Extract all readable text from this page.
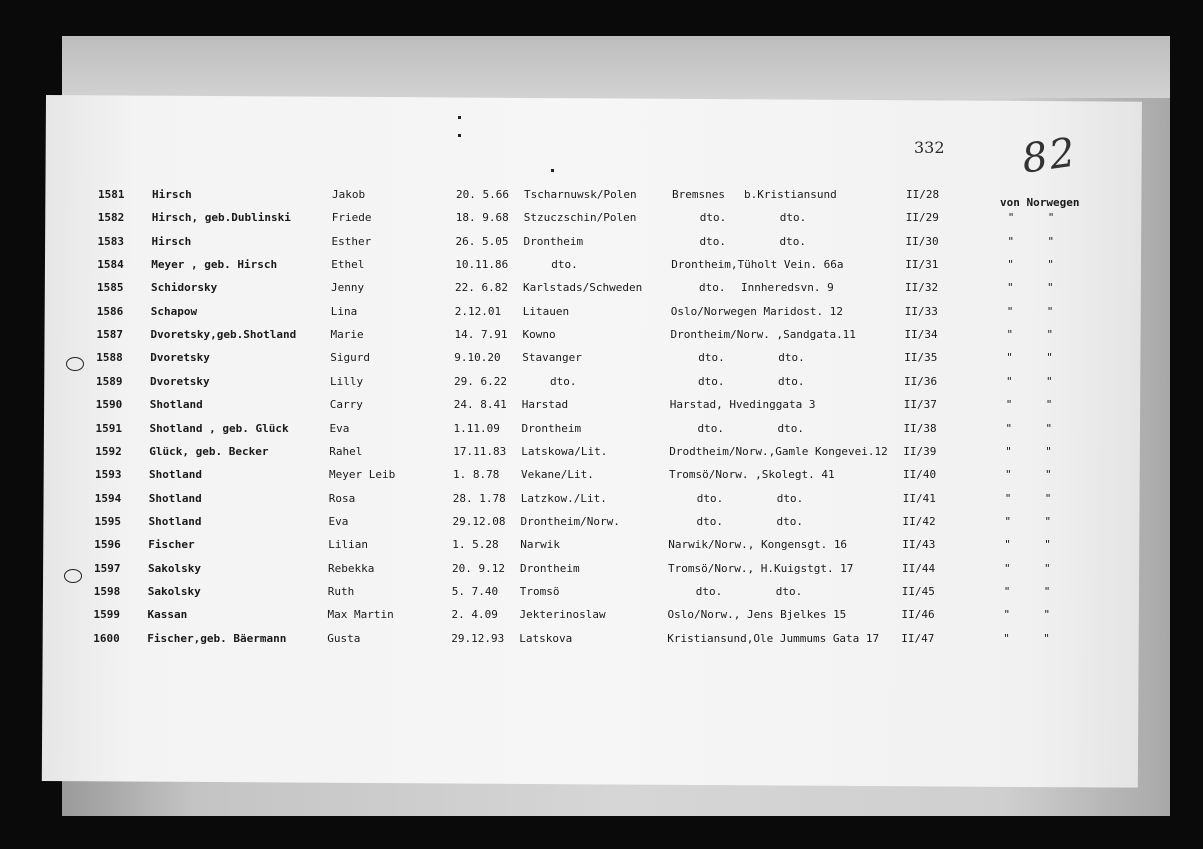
332 82
von Norwegen
1581	Hirsch	Jakob	20. 5.66 Tscharnuwsk/Polen	Bremsnes b.Kristiansund	II/28
1582	Hirsch, geb.Dublinski	Friede	18. 9.68 Stzuczschin/Polen	dto.	dto.	II/29	"	"
1583	Hirsch	Esther	26. 5.05 Drontheim	dto.	dto.	II/30	"	"
1584	Meyer , geb. Hirsch	Ethel	10.11.86	dto.	Drontheim,Tüholt Vein. 66a	II/31	"	"
1585	Schidorsky	Jenny	22. 6.82 Karlstads/Schweden	dto. Innheredsvn. 9	II/32	"	"
1586	Schapow	Lina	2.12.01 Litauen	Oslo/Norwegen Maridost. 12	II/33	"	"
1587	Dvoretsky,geb.Shotland	Marie	14. 7.91 Kowno	Drontheim/Norw. ,Sandgata.11	II/34	"	"
1588	Dvoretsky	Sigurd	9.10.20 Stavanger	dto.	dto.	II/35	"	"
1589	Dvoretsky	Lilly	29. 6.22	dto.	dto.	dto.	II/36	"	"
1590	Shotland	Carry	24. 8.41 Harstad	Harstad, Hvedinggata 3	II/37	"	"
1591	Shotland , geb. Glück	Eva	1.11.09 Drontheim	dto.	dto.	II/38	"	"
1592	Glück, geb. Becker	Rahel	17.11.83 Latskowa/Lit.	Drodtheim/Norw.,Gamle Kongevei.12 II/39	"	"
1593	Shotland	Meyer Leib	1. 8.78 Vekane/Lit.	Tromsö/Norw. ,Skolegt. 41	II/40	"	"
1594	Shotland	Rosa	28. 1.78 Latzkow./Lit.	dto.	dto.	II/41	"	"
1595	Shotland	Eva	29.12.08 Drontheim/Norw.	dto.	dto.	II/42	"	"
1596	Fischer	Lilian	1. 5.28 Narwik	Narwik/Norw., Kongensgt. 16	II/43	"	"
1597	Sakolsky	Rebekka	20. 9.12 Drontheim	Tromsö/Norw., H.Kuigstgt. 17	II/44	"	"
1598	Sakolsky	Ruth	5. 7.40 Tromsö	dto.	dto.	II/45	"	"
1599	Kassan	Max Martin	2. 4.09 Jekterinoslaw	Oslo/Norw., Jens Bjelkes 15	II/46	"	"
1600	Fischer,geb. Bäermann	Gusta	29.12.93 Latskova	Kristiansund,Ole Jummums Gata 17 II/47	"	"
